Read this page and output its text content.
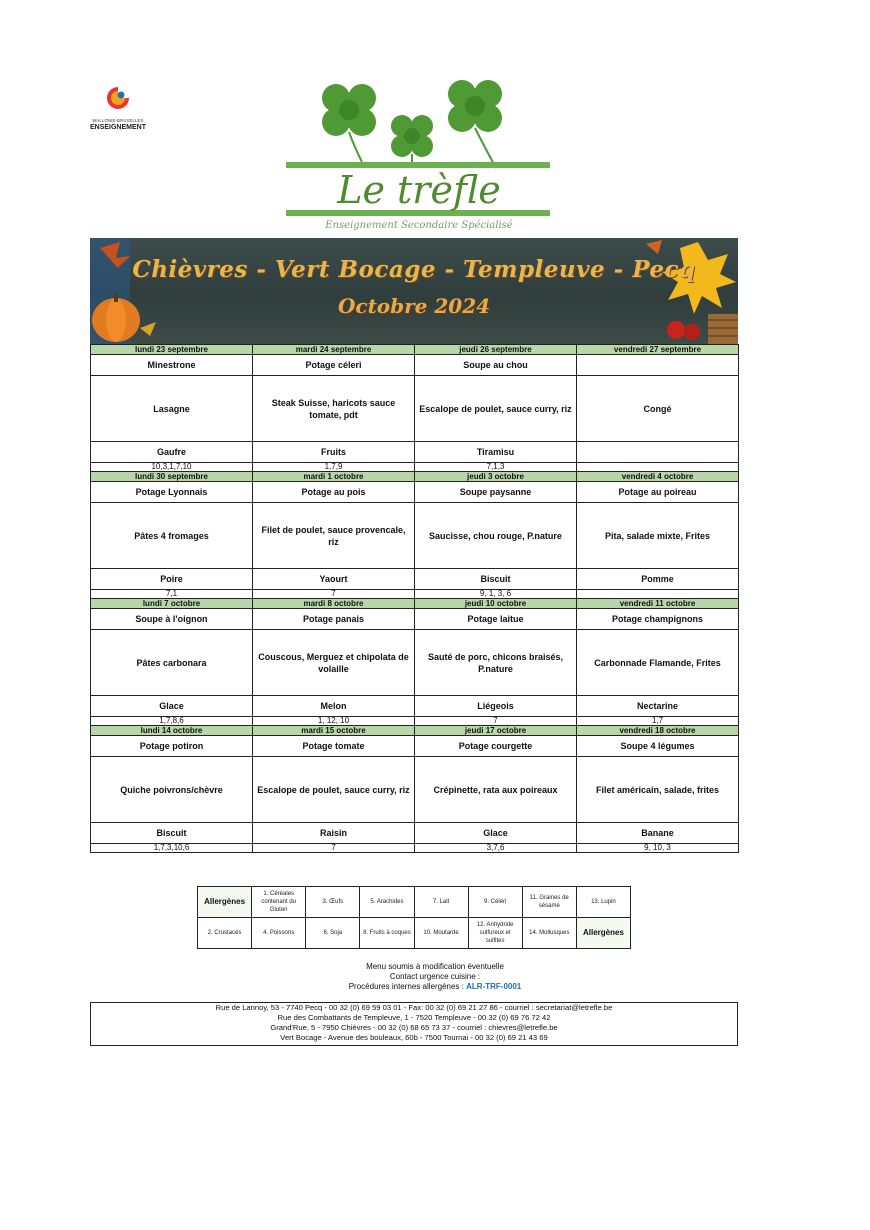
WALLONIE-BRUXELLES
ENSEIGNEMENT
Le trèfle
Enseignement Secondaire Spécialisé
Chièvres - Vert Bocage - Templeuve - Pecq
Octobre 2024
lundi 23 septembre	mardi 24 septembre	jeudi 26 septembre	vendredi 27 septembre
Minestrone	Potage céleri	Soupe au chou	
Lasagne	Steak Suisse, haricots sauce tomate, pdt	Escalope de poulet, sauce curry, riz	Congé
Gaufre	Fruits	Tiramisu	
10,3,1,7,10	1,7,9	7,1,3	
lundi 30 septembre	mardi 1 octobre	jeudi 3 octobre	vendredi 4 octobre
Potage Lyonnais	Potage au pois	Soupe paysanne	Potage au poireau
Pâtes 4 fromages	Filet de poulet, sauce provencale, riz	Saucisse, chou rouge, P.nature	Pita, salade mixte, Frites
Poire	Yaourt	Biscuit	Pomme
7,1	7	9, 1, 3, 6	
lundi 7 octobre	mardi 8 octobre	jeudi 10 octobre	vendredi 11 octobre
Soupe à l'oignon	Potage panais	Potage laitue	Potage champignons
Pâtes carbonara	Couscous, Merguez et chipolata de volaille	Sauté de porc, chicons braisés, P.nature	Carbonnade Flamande, Frites
Glace	Melon	Liégeois	Nectarine
1,7,8,6	1, 12, 10	7	1,7
lundi 14 octobre	mardi 15 octobre	jeudi 17 octobre	vendredi 18 octobre
Potage potiron	Potage tomate	Potage courgette	Soupe 4 légumes
Quiche poivrons/chèvre	Escalope de poulet, sauce curry, riz	Crépinette, rata aux poireaux	Filet américain, salade, frites
Biscuit	Raisin	Glace	Banane
1,7,3,10,6	7	3,7,6	9, 10, 3
Allergènes	1. Céréales contenant du Gluten	3. Œufs	5. Arachides	7. Lait	9. Céleri	11. Graines de sésame	13. Lupin
2. Crustacés	4. Poissons	6. Soja	8. Fruits à coques	10. Moutarde	12. Anhydride sulfureux et sulfites	14. Mollusques	Allergènes
Menu soumis à modification éventuelle
Contact urgence cuisine :
Procédures internes allergènes : ALR-TRF-0001
Rue de Lannoy, 53 - 7740 Pecq - 00 32 (0) 69 59 03 01 - Fax: 00 32 (0) 69 21 27 86 - courriel : secretariat@letrefle.be
Rue des Combattants de Templeuve, 1 - 7520 Templeuve - 00 32 (0) 69 76 72 42
Grand'Rue, 5 - 7950 Chièvres - 00 32 (0) 68 65 73 37 - courriel : chievres@letrefle.be
Vert Bocage - Avenue des bouleaux, 60b - 7500 Tournai - 00 32 (0) 69 21 43 69
